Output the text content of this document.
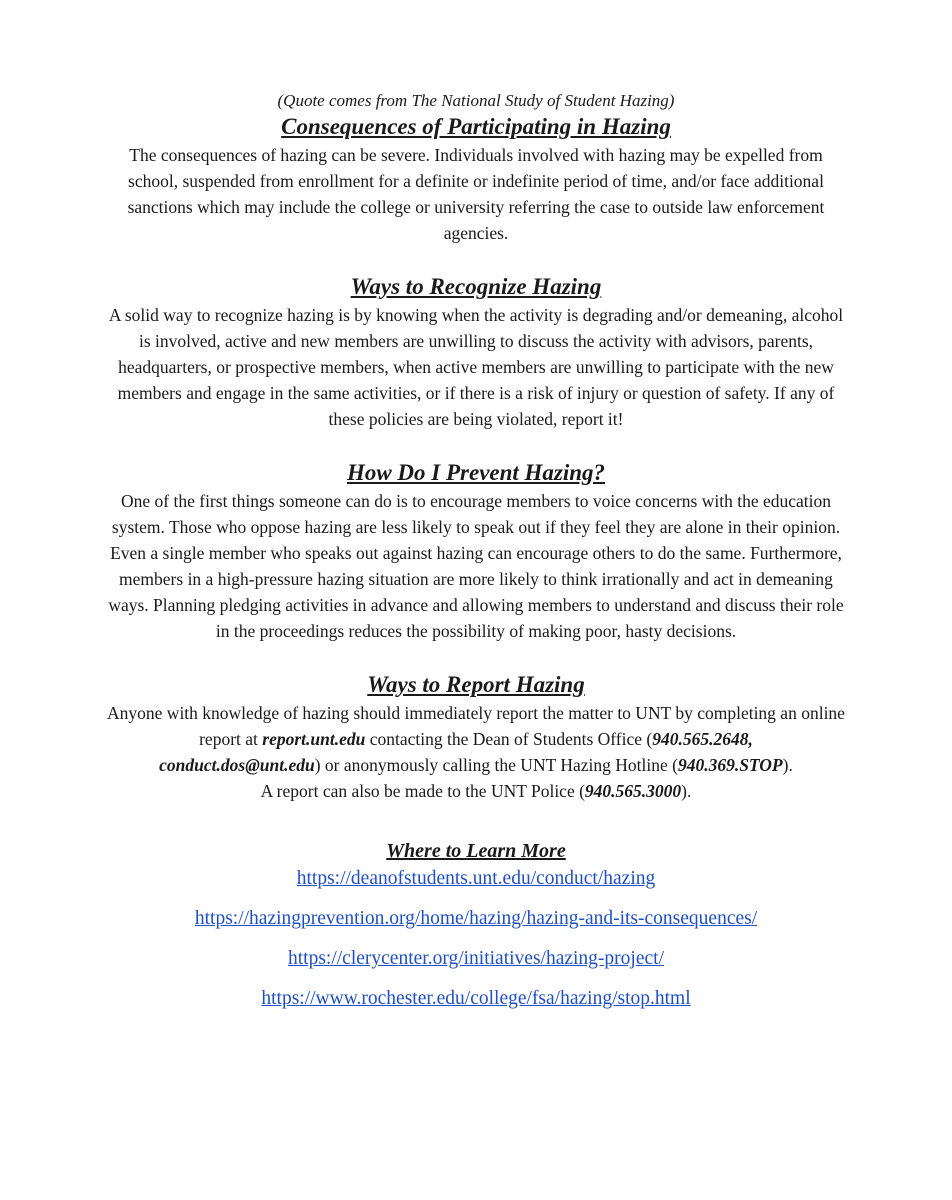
(Quote comes from The National Study of Student Hazing)

Consequences of Participating in Hazing

The consequences of hazing can be severe. Individuals involved with hazing may be expelled from school, suspended from enrollment for a definite or indefinite period of time, and/or face additional sanctions which may include the college or university referring the case to outside law enforcement agencies.

Ways to Recognize Hazing

A solid way to recognize hazing is by knowing when the activity is degrading and/or demeaning, alcohol is involved, active and new members are unwilling to discuss the activity with advisors, parents, headquarters, or prospective members, when active members are unwilling to participate with the new members and engage in the same activities, or if there is a risk of injury or question of safety. If any of these policies are being violated, report it!

How Do I Prevent Hazing?

One of the first things someone can do is to encourage members to voice concerns with the education system. Those who oppose hazing are less likely to speak out if they feel they are alone in their opinion. Even a single member who speaks out against hazing can encourage others to do the same. Furthermore, members in a high-pressure hazing situation are more likely to think irrationally and act in demeaning ways. Planning pledging activities in advance and allowing members to understand and discuss their role in the proceedings reduces the possibility of making poor, hasty decisions.

Ways to Report Hazing

Anyone with knowledge of hazing should immediately report the matter to UNT by completing an online report at report.unt.edu contacting the Dean of Students Office (940.565.2648,
conduct.dos@unt.edu) or anonymously calling the UNT Hazing Hotline (940.369.STOP).
A report can also be made to the UNT Police (940.565.3000).

Where to Learn More
https://deanofstudents.unt.edu/conduct/hazing
https://hazingprevention.org/home/hazing/hazing-and-its-consequences/
https://clerycenter.org/initiatives/hazing-project/
https://www.rochester.edu/college/fsa/hazing/stop.html
